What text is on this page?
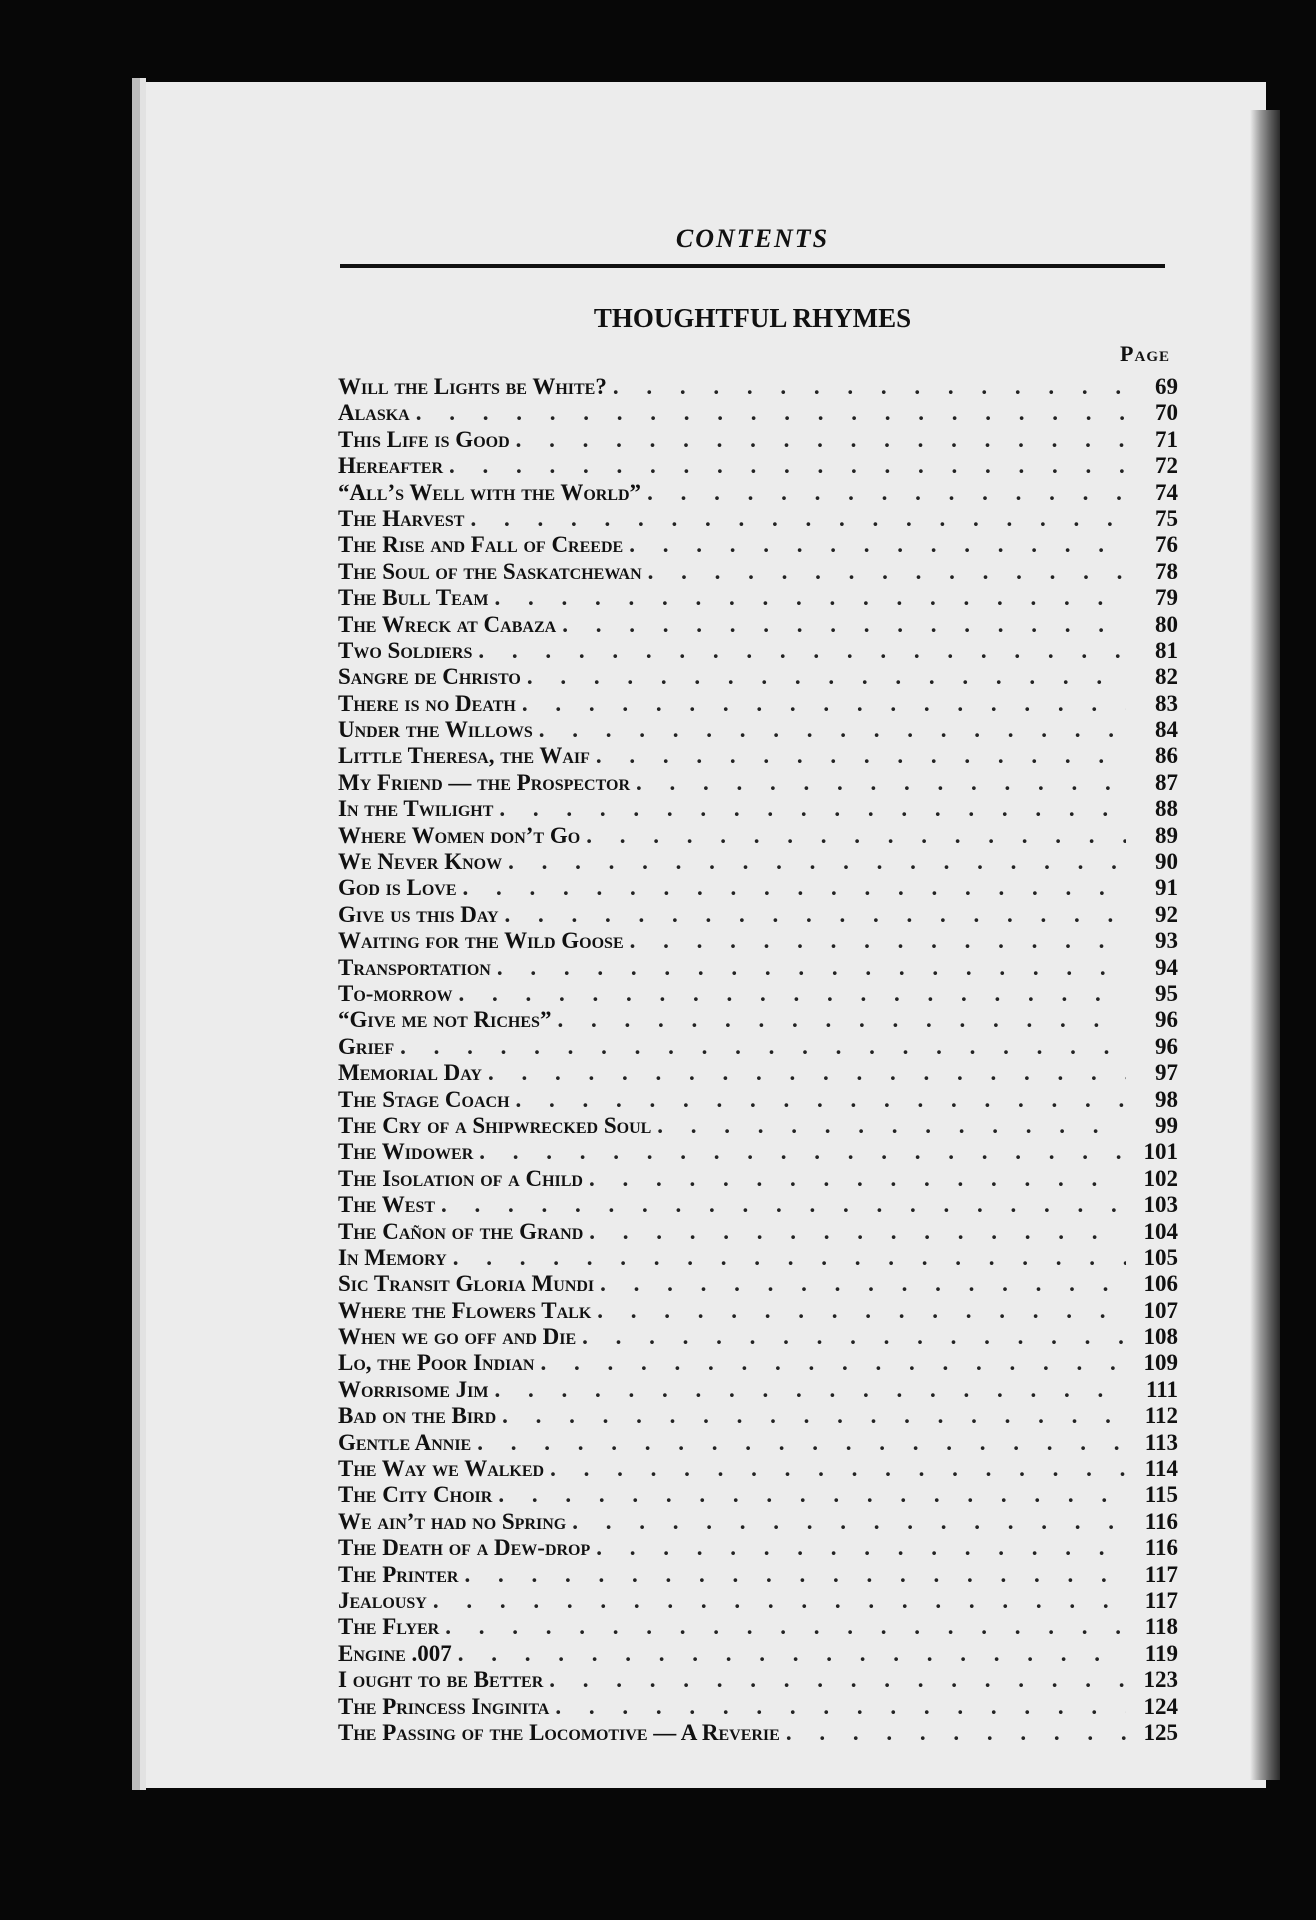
CONTENTS
THOUGHTFUL RHYMES
Page
Will the Lights be White? . . .	69
Alaska . . .	70
This Life is Good . . .	71
Hereafter . . .	72
“All’s Well with the World” . . .	74
The Harvest . . .	75
The Rise and Fall of Creede . . .	76
The Soul of the Saskatchewan . . .	78
The Bull Team . . .	79
The Wreck at Cabaza . . .	80
Two Soldiers . . .	81
Sangre de Christo . . .	82
There is no Death . . .	83
Under the Willows . . .	84
Little Theresa, the Waif . . .	86
My Friend — the Prospector . . .	87
In the Twilight . . .	88
Where Women don’t Go . . .	89
We Never Know . . .	90
God is Love . . .	91
Give us this Day . . .	92
Waiting for the Wild Goose . . .	93
Transportation . . .	94
To-morrow . . .	95
“Give me not Riches” . . .	96
Grief . . .	96
Memorial Day . . .	97
The Stage Coach . . .	98
The Cry of a Shipwrecked Soul . . .	99
The Widower . . .	101
The Isolation of a Child . . .	102
The West . . .	103
The Cañon of the Grand . . .	104
In Memory . . .	105
Sic Transit Gloria Mundi . . .	106
Where the Flowers Talk . . .	107
When we go off and Die . . .	108
Lo, the Poor Indian . . .	109
Worrisome Jim . . .	111
Bad on the Bird . . .	112
Gentle Annie . . .	113
The Way we Walked . . .	114
The City Choir . . .	115
We ain’t had no Spring . . .	116
The Death of a Dew-drop . . .	116
The Printer . . .	117
Jealousy . . .	117
The Flyer . . .	118
Engine .007 . . .	119
I ought to be Better . . .	123
The Princess Inginita . . .	124
The Passing of the Locomotive — A Reverie . . .	125
